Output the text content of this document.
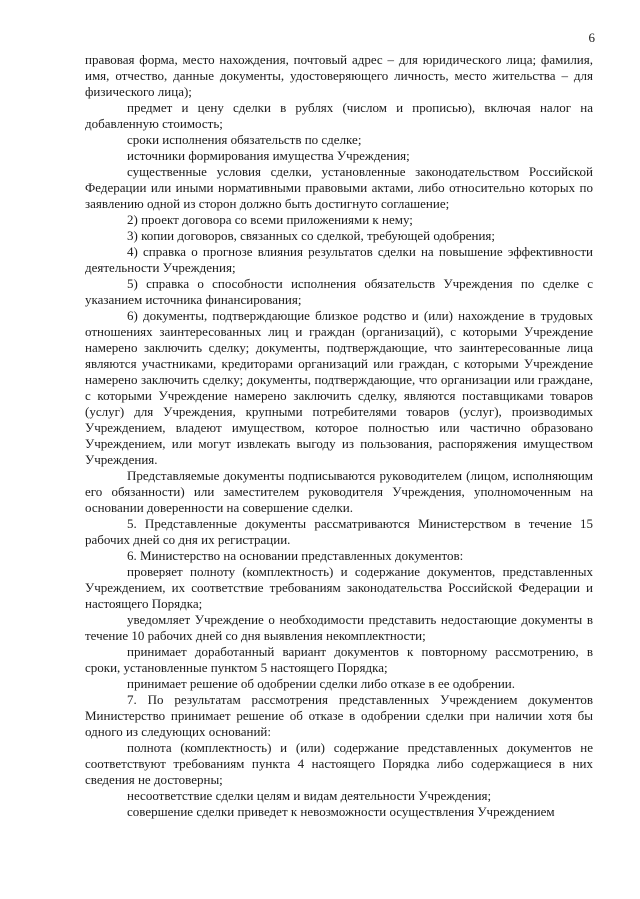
6

правовая форма, место нахождения, почтовый адрес – для юридического лица; фамилия, имя, отчество, данные документы, удостоверяющего личность, место жительства – для физического лица);

предмет и цену сделки в рублях (числом и прописью), включая налог на добавленную стоимость;

сроки исполнения обязательств по сделке;

источники формирования имущества Учреждения;

существенные условия сделки, установленные законодательством Российской Федерации или иными нормативными правовыми актами, либо относительно которых по заявлению одной из сторон должно быть достигнуто соглашение;

2) проект договора со всеми приложениями к нему;

3) копии договоров, связанных со сделкой, требующей одобрения;

4) справка о прогнозе влияния результатов сделки на повышение эффективности деятельности Учреждения;

5) справка о способности исполнения обязательств Учреждения по сделке с указанием источника финансирования;

6) документы, подтверждающие близкое родство и (или) нахождение в трудовых отношениях заинтересованных лиц и граждан (организаций), с которыми Учреждение намерено заключить сделку; документы, подтверждающие, что заинтересованные лица являются участниками, кредиторами организаций или граждан, с которыми Учреждение намерено заключить сделку; документы, подтверждающие, что организации или граждане, с которыми Учреждение намерено заключить сделку, являются поставщиками товаров (услуг) для Учреждения, крупными потребителями товаров (услуг), производимых Учреждением, владеют имуществом, которое полностью или частично образовано Учреждением, или могут извлекать выгоду из пользования, распоряжения имуществом Учреждения.

Представляемые документы подписываются руководителем (лицом, исполняющим его обязанности) или заместителем руководителя Учреждения, уполномоченным на основании доверенности на совершение сделки.

5. Представленные документы рассматриваются Министерством в течение 15 рабочих дней со дня их регистрации.

6. Министерство на основании представленных документов:

проверяет полноту (комплектность) и содержание документов, представленных Учреждением, их соответствие требованиям законодательства Российской Федерации и настоящего Порядка;

уведомляет Учреждение о необходимости представить недостающие документы в течение 10 рабочих дней со дня выявления некомплектности;

принимает доработанный вариант документов к повторному рассмотрению, в сроки, установленные пунктом 5 настоящего Порядка;

принимает решение об одобрении сделки либо отказе в ее одобрении.

7. По результатам рассмотрения представленных Учреждением документов Министерство принимает решение об отказе в одобрении сделки при наличии хотя бы одного из следующих оснований:

полнота (комплектность) и (или) содержание представленных документов не соответствуют требованиям пункта 4 настоящего Порядка либо содержащиеся в них сведения не достоверны;

несоответствие сделки целям и видам деятельности Учреждения;

совершение сделки приведет к невозможности осуществления Учреждением
